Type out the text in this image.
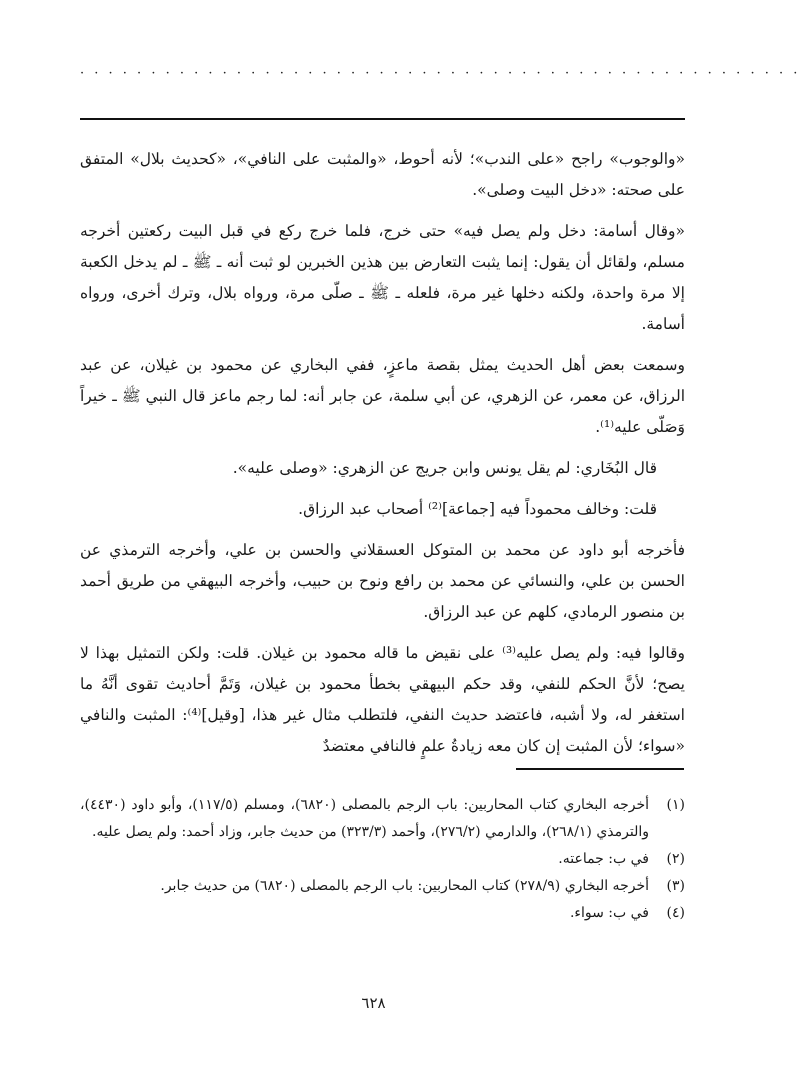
· · · · · · · · · · · · · · · · · · · · · · · · · · · · · · · · · · · · · · · · · · · · · · · · · · ·

«والوجوب» راجح «على الندب»؛ لأنه أحوط، «والمثبت على النافي»، «كحديث بلال» المتفق على صحته: «دخل البيت وصلى».

«وقال أسامة: دخل ولم يصل فيه» حتى خرج، فلما خرج ركع في قبل البيت ركعتين أخرجه مسلم، ولقائل أن يقول: إنما يثبت التعارض بين هذين الخبرين لو ثبت أنه ـ ﷺ ـ لم يدخل الكعبة إلا مرة واحدة، ولكنه دخلها غير مرة، فلعله ـ ﷺ ـ صلّى مرة، ورواه بلال، وترك أخرى، ورواه أسامة.

وسمعت بعض أهل الحديث يمثل بقصة ماعزٍ، ففي البخاري عن محمود بن غيلان، عن عبد الرزاق، عن معمر، عن الزهري، عن أبي سلمة، عن جابر أنه: لما رجم ماعز قال النبي ﷺ ـ خيراً وَصَلّى عليه⁽¹⁾.

قال البُخَاري: لم يقل يونس وابن جريج عن الزهري: «وصلى عليه».

قلت: وخالف محموداً فيه [جماعة]⁽²⁾ أصحاب عبد الرزاق.

فأخرجه أبو داود عن محمد بن المتوكل العسقلاني والحسن بن علي، وأخرجه الترمذي عن الحسن بن علي، والنسائي عن محمد بن رافع ونوح بن حبيب، وأخرجه البيهقي من طريق أحمد بن منصور الرمادي، كلهم عن عبد الرزاق.

وقالوا فيه: ولم يصل عليه⁽³⁾ على نقيض ما قاله محمود بن غيلان. قلت: ولكن التمثيل بهذا لا يصح؛ لأنَّ الحكم للنفي، وقد حكم البيهقي بخطأ محمود بن غيلان، وَتَمَّ أحاديث تقوى أنَّهُ ما استغفر له، ولا أشبه، فاعتضد حديث النفي، فلتطلب مثال غير هذا، [وقيل]⁽⁴⁾: المثبت والنافي «سواء؛ لأن المثبت إن كان معه زيادةُ علمٍ فالنافي معتضدٌ

(١)
أخرجه البخاري كتاب المحاربين: باب الرجم بالمصلى (٦٨٢٠)، ومسلم (١١٧/٥)، وأبو داود (٤٤٣٠)، والترمذي (٢٦٨/١)، والدارمي (٢٧٦/٢)، وأحمد (٣٢٣/٣) من حديث جابر، وزاد أحمد: ولم يصل عليه.
(٢)
في ب: جماعته.
(٣)
أخرجه البخاري (٢٧٨/٩) كتاب المحاربين: باب الرجم بالمصلى (٦٨٢٠) من حديث جابر.
(٤)
في ب: سواء.
٦٢٨
